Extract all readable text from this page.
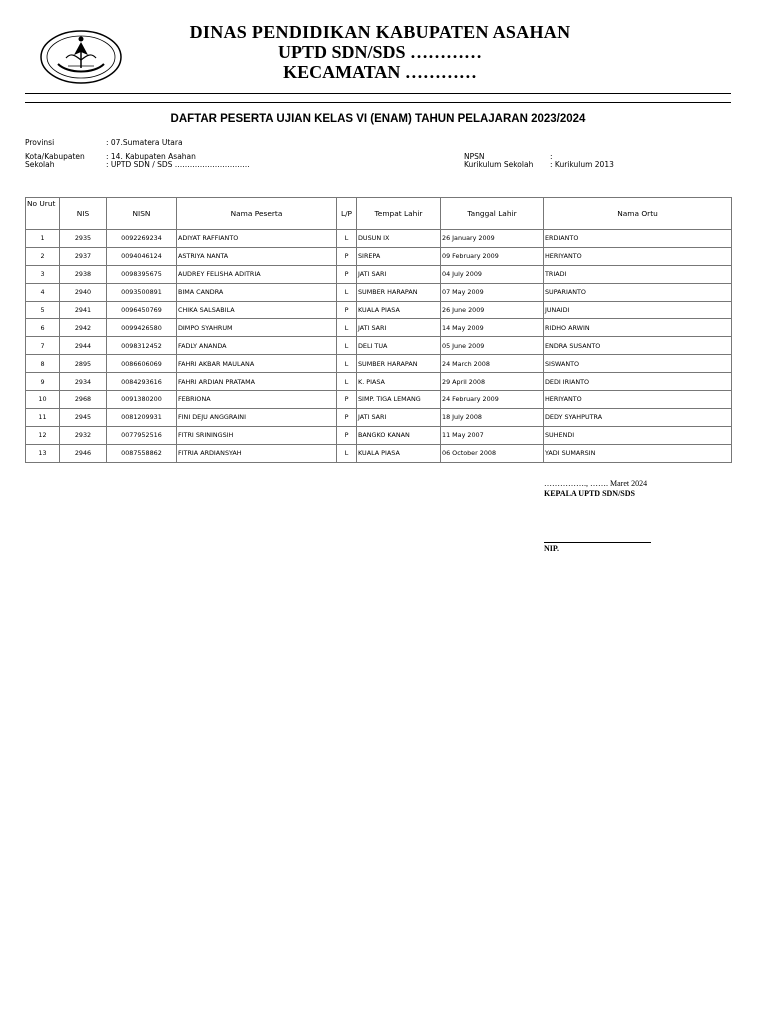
DINAS PENDIDIKAN KABUPATEN ASAHAN
UPTD SDN/SDS …………
KECAMATAN …………
DAFTAR PESERTA UJIAN KELAS VI (ENAM) TAHUN PELAJARAN 2023/2024
Provinsi	: 07.Sumatera Utara
Kota/Kabupaten	: 14. Kabupaten Asahan
Sekolah	: UPTD SDN / SDS …………………………
NPSN	:
Kurikulum Sekolah : Kurikulum 2013
No Urut	NIS	NISN	Nama Peserta	L/P	Tempat Lahir	Tanggal Lahir	Nama Ortu
1	2935	0092269234	ADIYAT RAFFIANTO	L	DUSUN IX	26 January 2009	ERDIANTO
2	2937	0094046124	ASTRIYA NANTA	P	SIREPA	09 February 2009	HERIYANTO
3	2938	0098395675	AUDREY FELISHA ADITRIA	P	JATI SARI	04 July 2009	TRIADI
4	2940	0093500891	BIMA CANDRA	L	SUMBER HARAPAN	07 May 2009	SUPARIANTO
5	2941	0096450769	CHIKA SALSABILA	P	KUALA PIASA	26 June 2009	JUNAIDI
6	2942	0099426580	DIMPO SYAHRUM	L	JATI SARI	14 May 2009	RIDHO ARWIN
7	2944	0098312452	FADLY ANANDA	L	DELI TUA	05 June 2009	ENDRA SUSANTO
8	2895	0086606069	FAHRI AKBAR MAULANA	L	SUMBER HARAPAN	24 March 2008	SISWANTO
9	2934	0084293616	FAHRI ARDIAN PRATAMA	L	K. PIASA	29 April 2008	DEDI IRIANTO
10	2968	0091380200	FEBRIONA	P	SIMP. TIGA LEMANG	24 February 2009	HERIYANTO
11	2945	0081209931	FINI DEJU ANGGRAINI	P	JATI SARI	18 July 2008	DEDY SYAHPUTRA
12	2932	0077952516	FITRI SRININGSIH	P	BANGKO KANAN	11 May 2007	SUHENDI
13	2946	0087558862	FITRIA ARDIANSYAH	L	KUALA PIASA	06 October 2008	YADI SUMARSIN
……………., ……. Maret 2024
KEPALA UPTD SDN/SDS
NIP.
